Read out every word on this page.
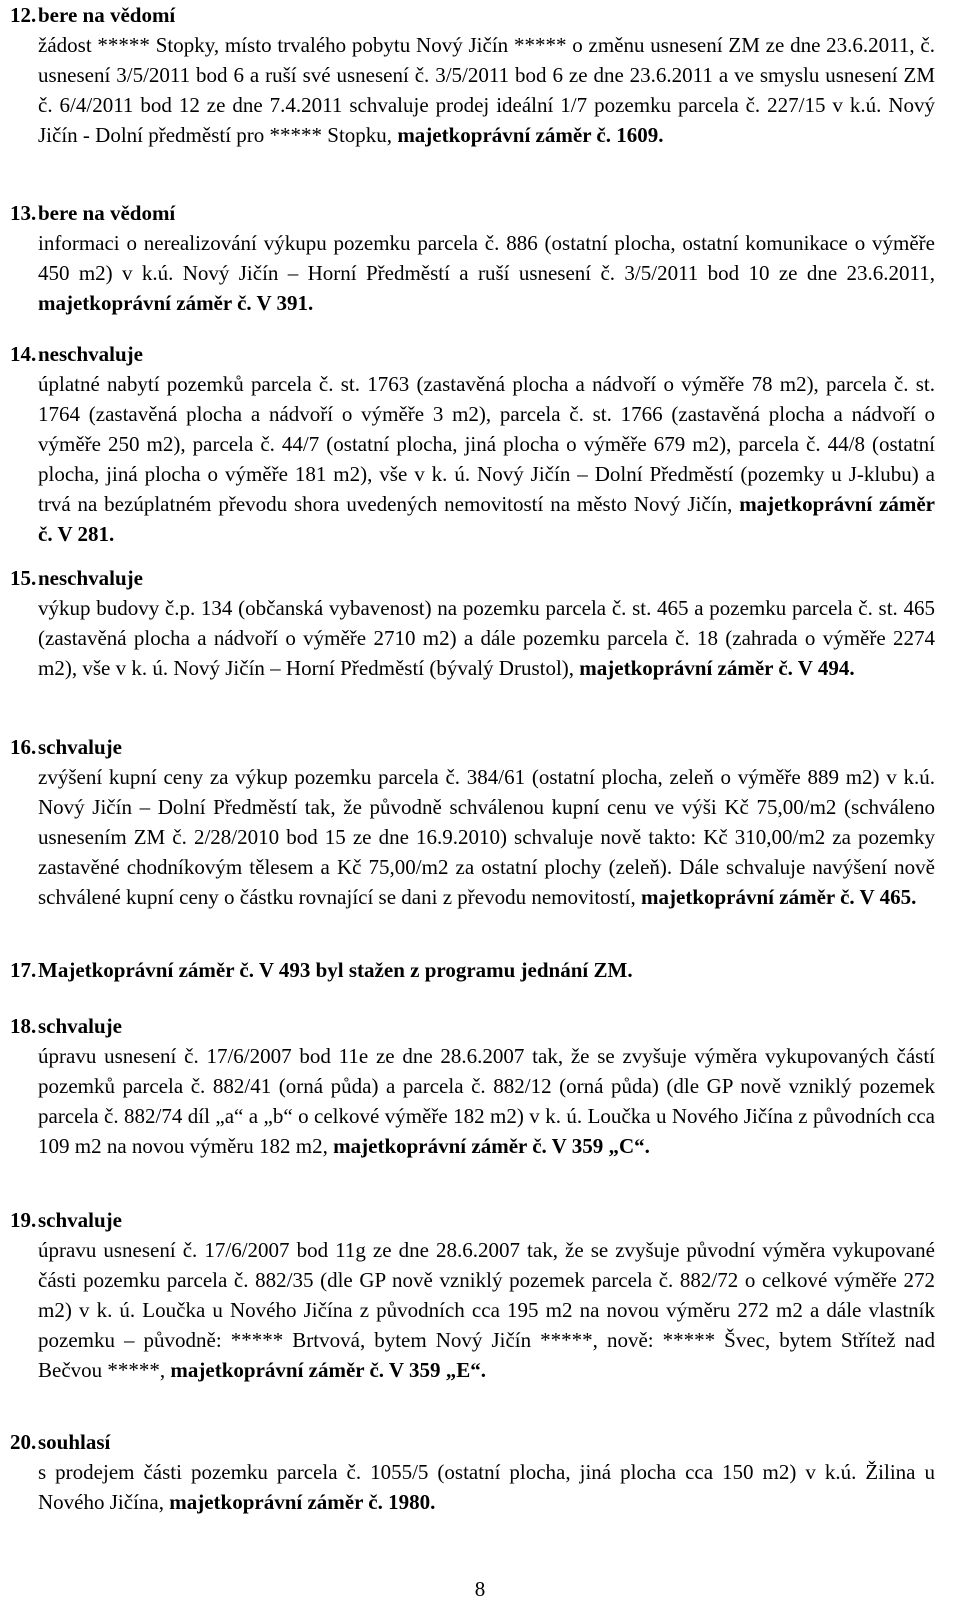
12.bere na vědomí
žádost ***** Stopky, místo trvalého pobytu Nový Jičín ***** o změnu usnesení ZM ze dne 23.6.2011, č. usnesení 3/5/2011 bod 6 a ruší své usnesení č. 3/5/2011 bod 6 ze dne 23.6.2011 a ve smyslu usnesení ZM č. 6/4/2011 bod 12 ze dne 7.4.2011 schvaluje prodej ideální 1/7 pozemku parcela č. 227/15 v k.ú. Nový Jičín - Dolní předměstí pro ***** Stopku, majetkoprávní záměr č. 1609.
13.bere na vědomí
informaci o nerealizování výkupu pozemku parcela č. 886 (ostatní plocha, ostatní komunikace o výměře 450 m2) v k.ú. Nový Jičín – Horní Předměstí a ruší usnesení č. 3/5/2011 bod 10 ze dne 23.6.2011, majetkoprávní záměr č. V 391.
14.neschvaluje
úplatné nabytí pozemků parcela č. st. 1763 (zastavěná plocha a nádvoří o výměře 78 m2), parcela č. st. 1764 (zastavěná plocha a nádvoří o výměře 3 m2), parcela č. st. 1766 (zastavěná plocha a nádvoří o výměře 250 m2), parcela č. 44/7 (ostatní plocha, jiná plocha o výměře 679 m2), parcela č. 44/8 (ostatní plocha, jiná plocha o výměře 181 m2), vše v k. ú. Nový Jičín – Dolní Předměstí (pozemky u J-klubu) a trvá na bezúplatném převodu shora uvedených nemovitostí na město Nový Jičín, majetkoprávní záměr č. V 281.
15.neschvaluje
výkup budovy č.p. 134 (občanská vybavenost) na pozemku parcela č. st. 465 a pozemku parcela č. st. 465 (zastavěná plocha a nádvoří o výměře 2710 m2) a dále pozemku parcela č. 18 (zahrada o výměře 2274 m2), vše v k. ú. Nový Jičín – Horní Předměstí (bývalý Drustol), majetkoprávní záměr č. V 494.
16.schvaluje
zvýšení kupní ceny za výkup pozemku parcela č. 384/61 (ostatní plocha, zeleň o výměře 889 m2) v k.ú. Nový Jičín – Dolní Předměstí tak, že původně schválenou kupní cenu ve výši Kč 75,00/m2 (schváleno usnesením ZM č. 2/28/2010 bod 15 ze dne 16.9.2010) schvaluje nově takto: Kč 310,00/m2 za pozemky zastavěné chodníkovým tělesem a Kč 75,00/m2 za ostatní plochy (zeleň). Dále schvaluje navýšení nově schválené kupní ceny o částku rovnající se dani z převodu nemovitostí, majetkoprávní záměr č. V 465.
17.Majetkoprávní záměr č. V 493 byl stažen z programu jednání ZM.
18.schvaluje
úpravu usnesení č. 17/6/2007 bod 11e ze dne 28.6.2007 tak, že se zvyšuje výměra vykupovaných částí pozemků parcela č. 882/41 (orná půda) a parcela č. 882/12 (orná půda) (dle GP nově vzniklý pozemek parcela č. 882/74 díl „a“ a „b“ o celkové výměře 182 m2) v k. ú. Loučka u Nového Jičína z původních cca 109 m2 na novou výměru 182 m2, majetkoprávní záměr č. V 359 „C“.
19.schvaluje
úpravu usnesení č. 17/6/2007 bod 11g ze dne 28.6.2007 tak, že se zvyšuje původní výměra vykupované části pozemku parcela č. 882/35 (dle GP nově vzniklý pozemek parcela č. 882/72 o celkové výměře 272 m2) v k. ú. Loučka u Nového Jičína z původních cca 195 m2 na novou výměru 272 m2 a dále vlastník pozemku – původně: ***** Brtvová, bytem Nový Jičín *****, nově: ***** Švec, bytem Střítež nad Bečvou *****, majetkoprávní záměr č. V 359 „E“.
20.souhlasí
s prodejem části pozemku parcela č. 1055/5 (ostatní plocha, jiná plocha cca 150 m2) v k.ú. Žilina u Nového Jičína, majetkoprávní záměr č. 1980.
8
